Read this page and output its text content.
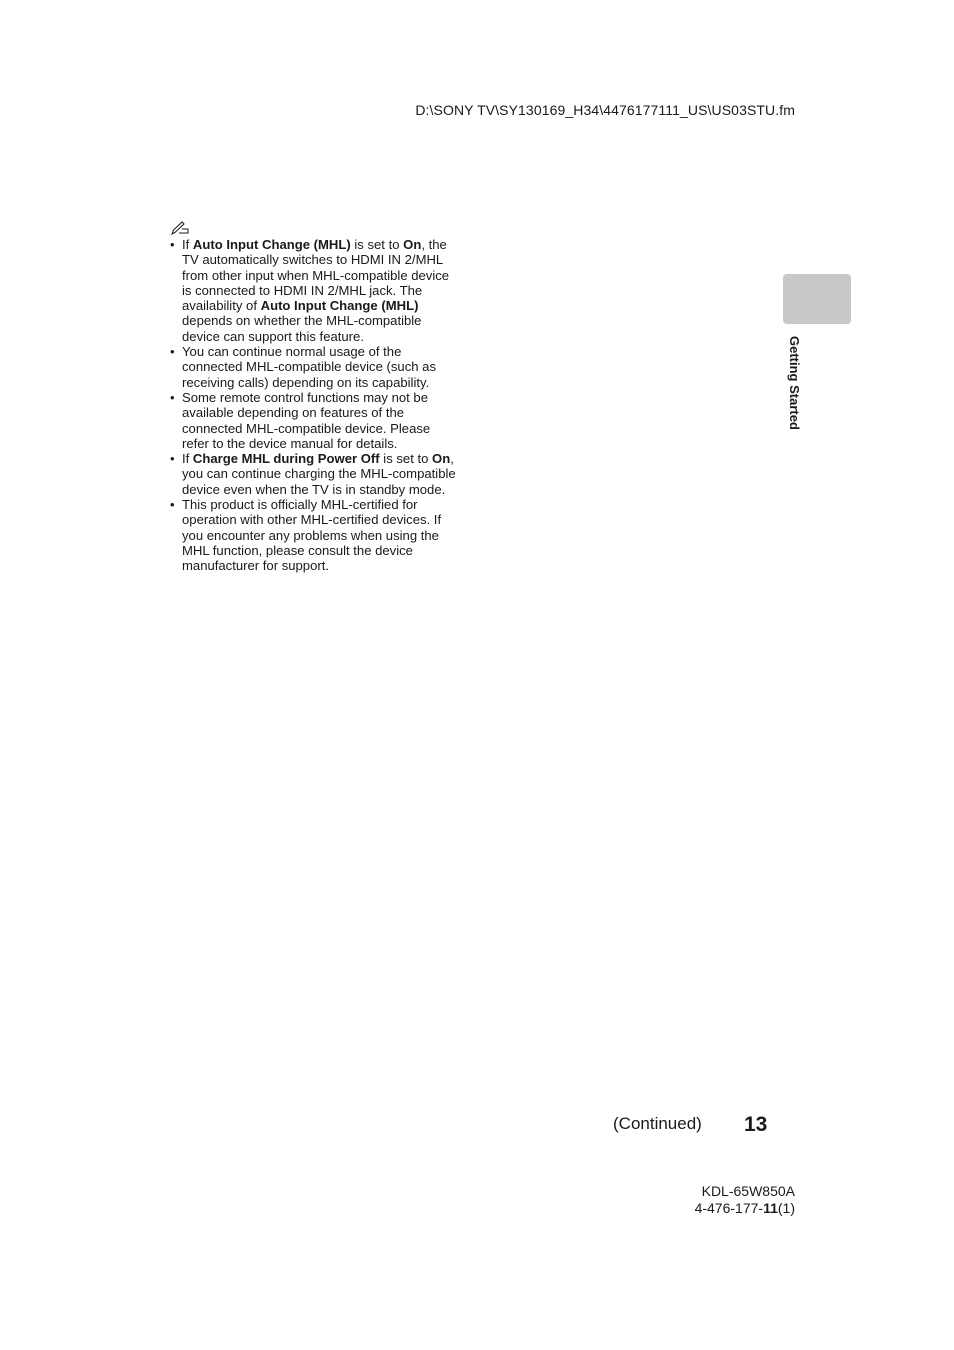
D:\SONY TV\SY130169_H34\4476177111_US\US03STU.fm
• If Auto Input Change (MHL) is set to On, the TV automatically switches to HDMI IN 2/MHL from other input when MHL-compatible device is connected to HDMI IN 2/MHL jack. The availability of Auto Input Change (MHL) depends on whether the MHL-compatible device can support this feature.
• You can continue normal usage of the connected MHL-compatible device (such as receiving calls) depending on its capability.
• Some remote control functions may not be available depending on features of the connected MHL-compatible device. Please refer to the device manual for details.
• If Charge MHL during Power Off is set to On, you can continue charging the MHL-compatible device even when the TV is in standby mode.
• This product is officially MHL-certified for operation with other MHL-certified devices. If you encounter any problems when using the MHL function, please consult the device manufacturer for support.
Getting Started
(Continued) 13
KDL-65W850A
4-476-177-11(1)
